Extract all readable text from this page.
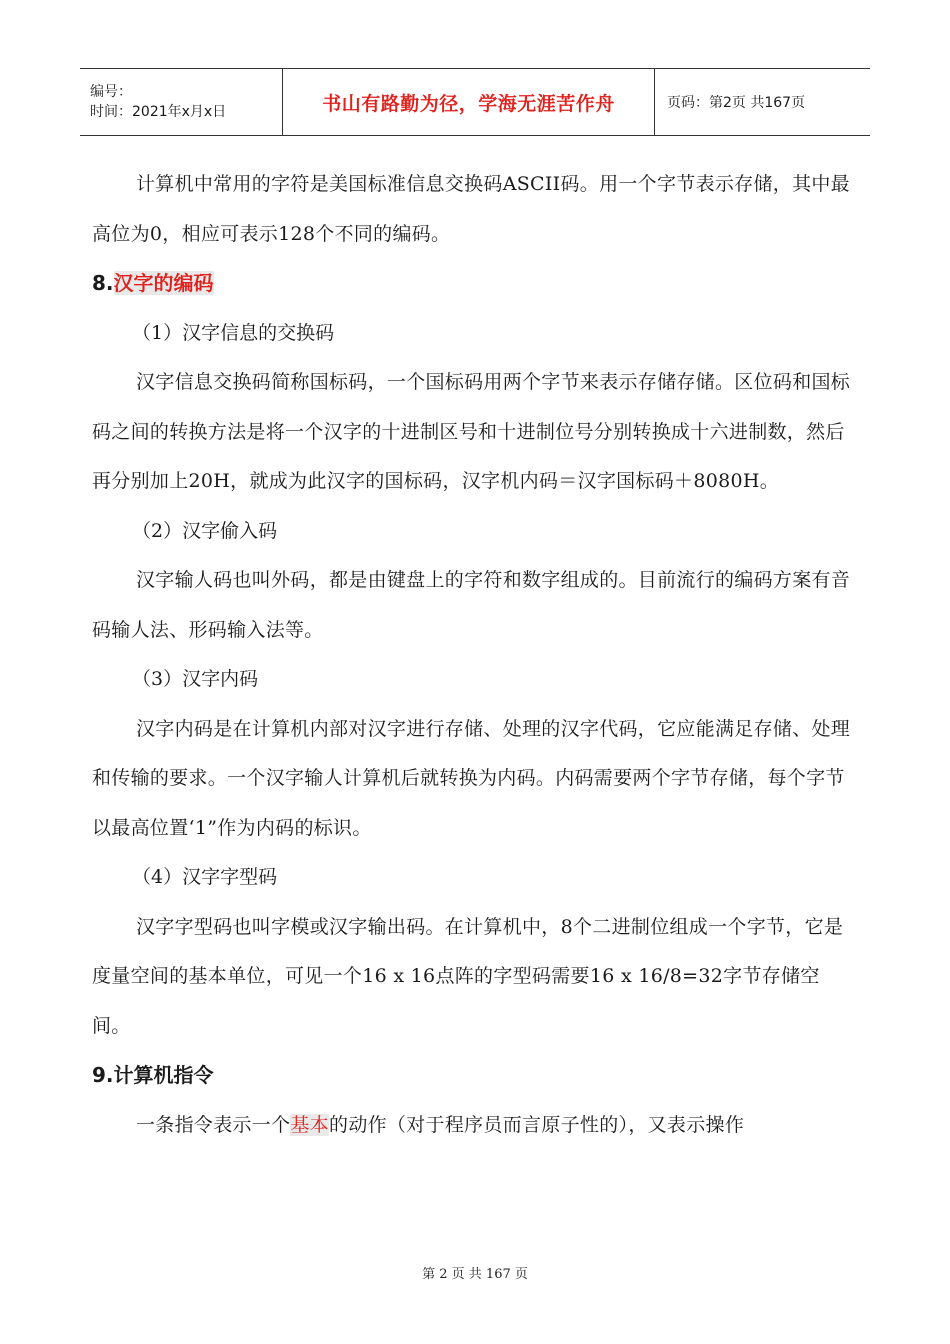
编号：
时间：2021年x月x日	书山有路勤为径，学海无涯苦作舟	页码：第2页 共167页

计算机中常用的字符是美国标准信息交换码ASCII码。用一个字节表示存储，其中最高位为0，相应可表示128个不同的编码。

8.汉字的编码

（1）汉字信息的交换码

汉字信息交换码简称国标码，一个国标码用两个字节来表示存储存储。区位码和国标码之间的转换方法是将一个汉字的十进制区号和十进制位号分别转换成十六进制数，然后再分别加上20H，就成为此汉字的国标码，汉字机内码＝汉字国标码＋8080H。

（2）汉字偷入码

汉字输人码也叫外码，都是由键盘上的字符和数字组成的。目前流行的编码方案有音码输人法、形码输入法等。

（3）汉字内码

汉字内码是在计算机内部对汉字进行存储、处理的汉字代码，它应能满足存储、处理和传输的要求。一个汉字输人计算机后就转换为内码。内码需要两个字节存储，每个字节以最高位置‘1”作为内码的标识。

（4）汉字字型码

汉字字型码也叫字模或汉字输出码。在计算机中，8个二进制位组成一个字节，它是度量空间的基本单位，可见一个16 x 16点阵的字型码需要16 x 16/8=32字节存储空间。

9.计算机指令

一条指令表示一个基本的动作（对于程序员而言原子性的），又表示操作

第 2 页 共 167 页
